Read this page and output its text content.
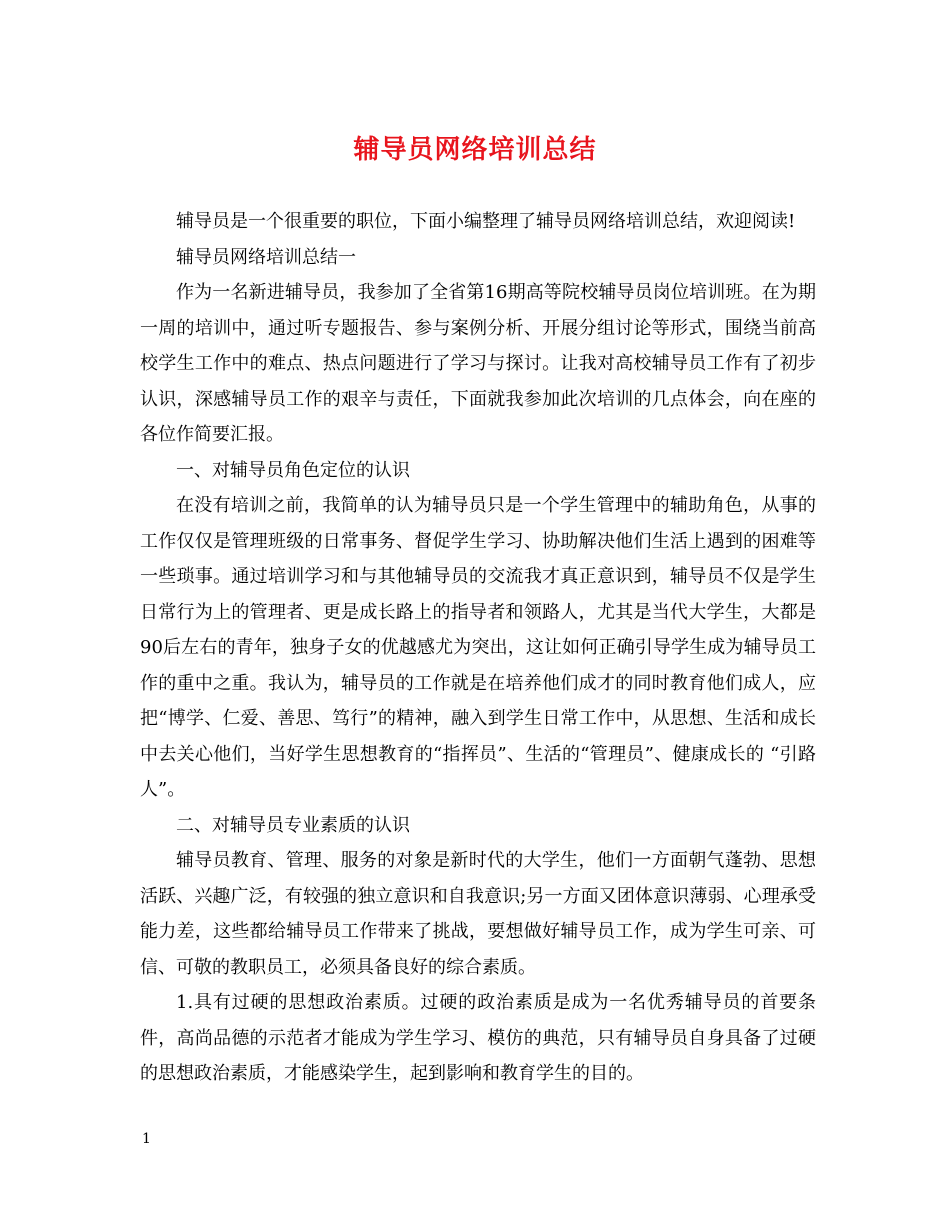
辅导员网络培训总结

辅导员是一个很重要的职位，下面小编整理了辅导员网络培训总结，欢迎阅读!

辅导员网络培训总结一

作为一名新进辅导员，我参加了全省第16期高等院校辅导员岗位培训班。在为期一周的培训中，通过听专题报告、参与案例分析、开展分组讨论等形式，围绕当前高校学生工作中的难点、热点问题进行了学习与探讨。让我对高校辅导员工作有了初步认识，深感辅导员工作的艰辛与责任，下面就我参加此次培训的几点体会，向在座的各位作简要汇报。

一、对辅导员角色定位的认识

在没有培训之前，我简单的认为辅导员只是一个学生管理中的辅助角色，从事的工作仅仅是管理班级的日常事务、督促学生学习、协助解决他们生活上遇到的困难等一些琐事。通过培训学习和与其他辅导员的交流我才真正意识到，辅导员不仅是学生日常行为上的管理者、更是成长路上的指导者和领路人，尤其是当代大学生，大都是90后左右的青年，独身子女的优越感尤为突出，这让如何正确引导学生成为辅导员工作的重中之重。我认为，辅导员的工作就是在培养他们成才的同时教育他们成人，应把“博学、仁爱、善思、笃行”的精神，融入到学生日常工作中，从思想、生活和成长中去关心他们，当好学生思想教育的“指挥员”、生活的“管理员”、健康成长的 “引路人”。

二、对辅导员专业素质的认识

辅导员教育、管理、服务的对象是新时代的大学生，他们一方面朝气蓬勃、思想活跃、兴趣广泛，有较强的独立意识和自我意识;另一方面又团体意识薄弱、心理承受能力差，这些都给辅导员工作带来了挑战，要想做好辅导员工作，成为学生可亲、可信、可敬的教职员工，必须具备良好的综合素质。

1.具有过硬的思想政治素质。过硬的政治素质是成为一名优秀辅导员的首要条件，高尚品德的示范者才能成为学生学习、模仿的典范，只有辅导员自身具备了过硬的思想政治素质，才能感染学生，起到影响和教育学生的目的。

1
